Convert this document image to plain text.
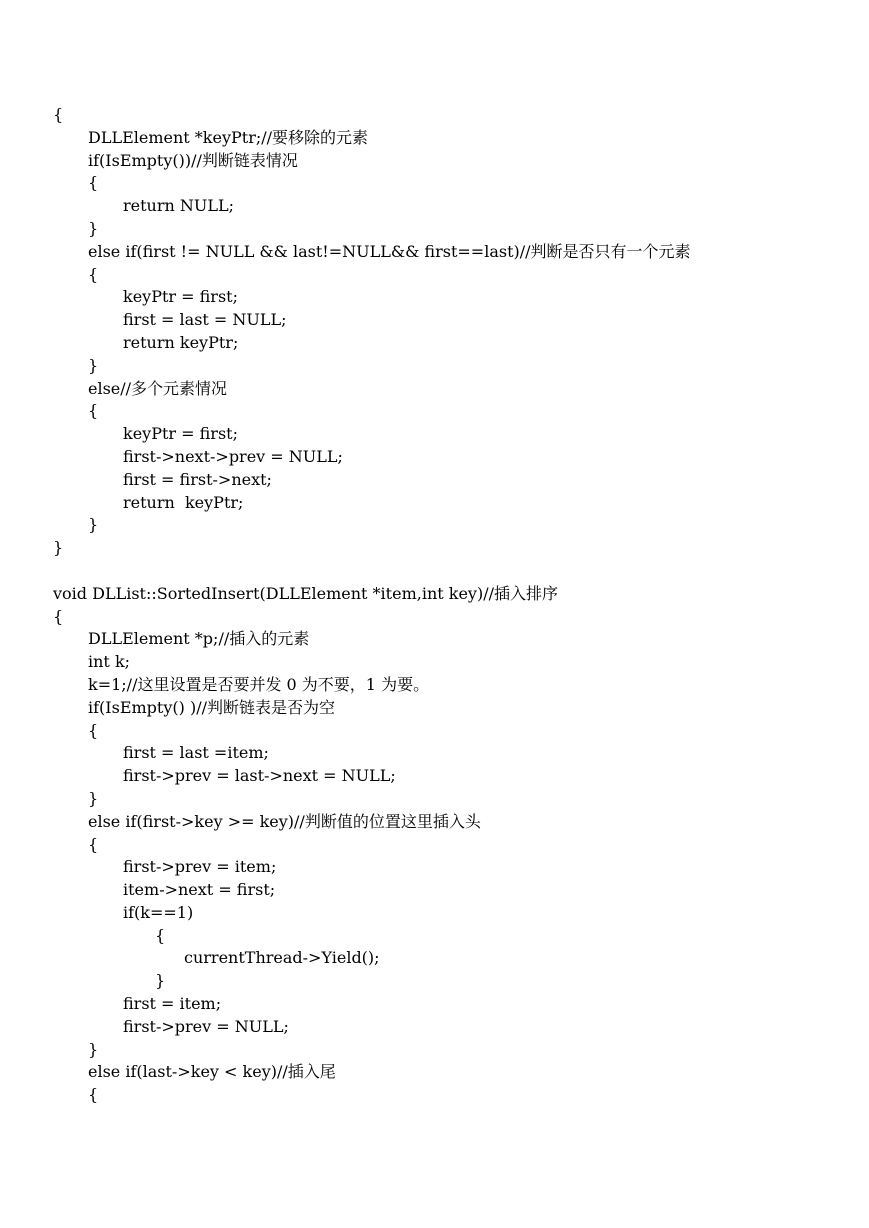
{
DLLElement *keyPtr;//要移除的元素
if(IsEmpty())//判断链表情况
{
return NULL;
}
else if(first != NULL && last!=NULL&& first==last)//判断是否只有一个元素
{
keyPtr = first;
first = last = NULL;
return keyPtr;
}
else//多个元素情况
{
keyPtr = first;
first->next->prev = NULL;
first = first->next;
return  keyPtr;
}
}
void DLList::SortedInsert(DLLElement *item,int key)//插入排序
{
DLLElement *p;//插入的元素
int k;
k=1;//这里设置是否要并发 0 为不要，1 为要。
if(IsEmpty() )//判断链表是否为空
{
first = last =item;
first->prev = last->next = NULL;
}
else if(first->key >= key)//判断值的位置这里插入头
{
first->prev = item;
item->next = first;
if(k==1)
{
currentThread->Yield();
}
first = item;
first->prev = NULL;
}
else if(last->key < key)//插入尾
{
